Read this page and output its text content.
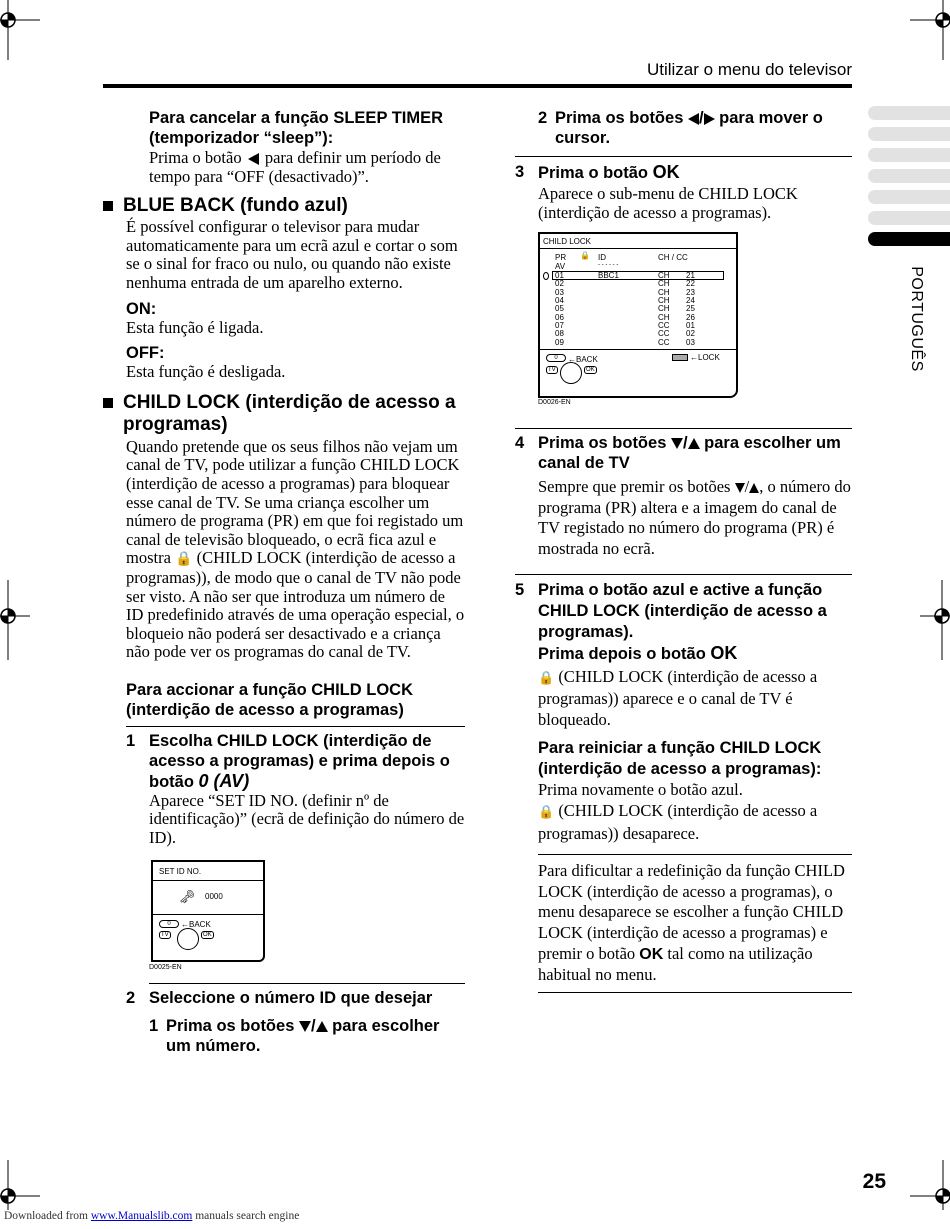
Utilizar o menu do televisor
PORTUGUÊS
Para cancelar a função SLEEP TIMER (temporizador “sleep”):
Prima o botão para definir um período de tempo para “OFF (desactivado)”.
BLUE BACK (fundo azul)
É possível configurar o televisor para mudar automaticamente para um ecrã azul e cortar o som se o sinal for fraco ou nulo, ou quando não existe nenhuma entrada de um aparelho externo.
ON:
Esta função é ligada.
OFF:
Esta função é desligada.
CHILD LOCK (interdição de acesso a programas)
Quando pretende que os seus filhos não vejam um canal de TV, pode utilizar a função CHILD LOCK (interdição de acesso a programas) para bloquear esse canal de TV. Se uma criança escolher um número de programa (PR) em que foi registado um canal de televisão bloqueado, o ecrã fica azul e mostra 🔒 (CHILD LOCK (interdição de acesso a programas)), de modo que o canal de TV não pode ser visto. A não ser que introduza um número de ID predefinido através de uma operação especial, o bloqueio não poderá ser desactivado e a criança não pode ver os programas do canal de TV.
Para accionar a função CHILD LOCK (interdição de acesso a programas)
1 Escolha CHILD LOCK (interdição de acesso a programas) e prima depois o botão 0 (AV)
Aparece “SET ID NO. (definir nº de identificação)” (ecrã de definição do número de ID).
SET ID NO.
🗝 0000
0	←BACK
TV	OK
D0025-EN
2 Seleccione o número ID que desejar
1 Prima os botões / para escolher um número.
2 Prima os botões / para mover o cursor.
3 Prima o botão OK
Aparece o sub-menu de CHILD LOCK (interdição de acesso a programas).
CHILD LOCK
PR 🔒 ID	CH / CC
AV	- - - - - -
01	BBC1	CH	21
02	CH	22
03	CH	23
04	CH	24
05	CH	25
06	CH	26
07	CC	01
08	CC	02
09	CC	03
0	←BACK	←LOCK
TV	OK
D0026-EN
4 Prima os botões / para escolher um canal de TV
Sempre que premir os botões / , o número do programa (PR) altera e a imagem do canal de TV registado no número do programa (PR) é mostrada no ecrã.
5 Prima o botão azul e active a função CHILD LOCK (interdição de acesso a programas).
Prima depois o botão OK
🔒 (CHILD LOCK (interdição de acesso a programas)) aparece e o canal de TV é bloqueado.
Para reiniciar a função CHILD LOCK (interdição de acesso a programas):
Prima novamente o botão azul.
🔒 (CHILD LOCK (interdição de acesso a programas)) desaparece.
Para dificultar a redefinição da função CHILD LOCK (interdição de acesso a programas), o menu desaparece se escolher a função CHILD LOCK (interdição de acesso a programas) e premir o botão OK tal como na utilização habitual no menu.
25
Downloaded from www.Manualslib.com manuals search engine
